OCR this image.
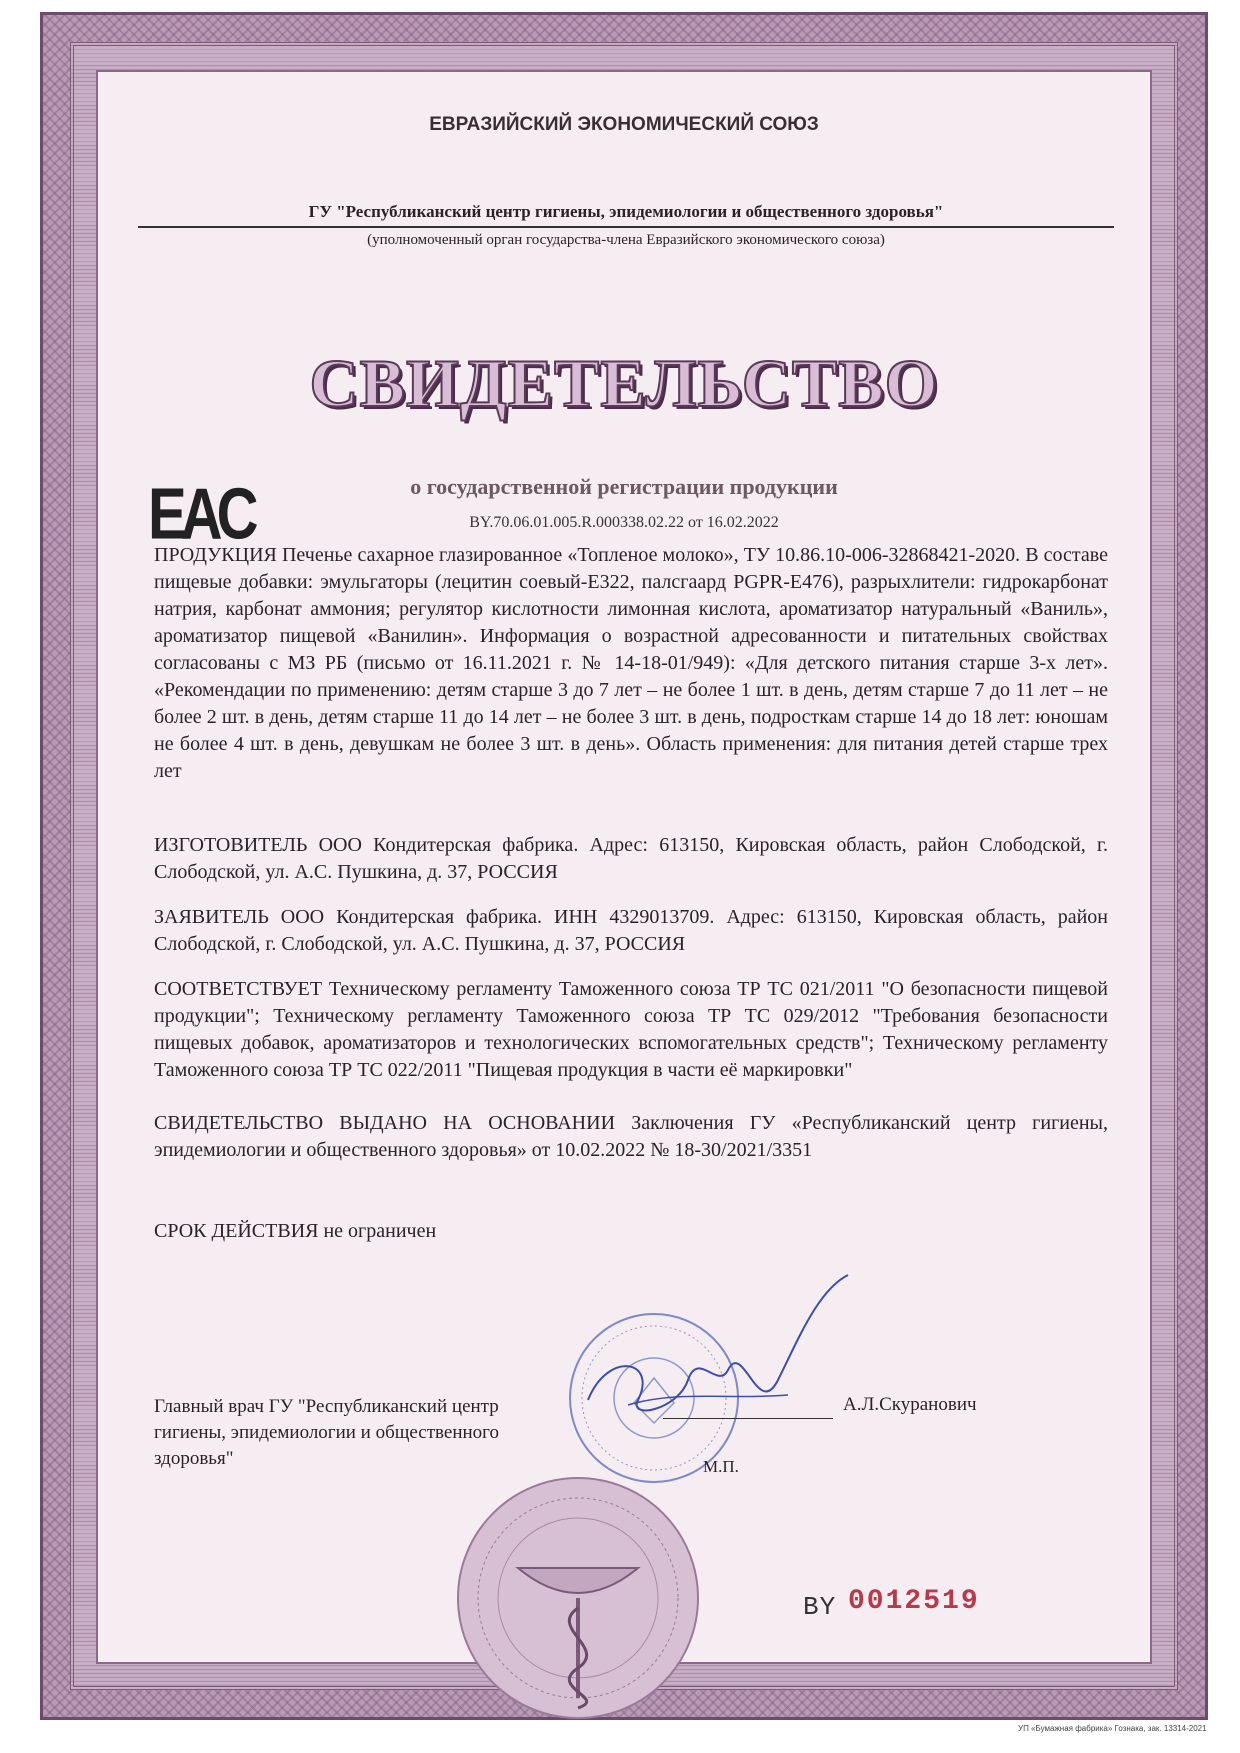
ЕВРАЗИЙСКИЙ ЭКОНОМИЧЕСКИЙ СОЮЗ
ГУ "Республиканский центр гигиены, эпидемиологии и общественного здоровья"
(уполномоченный орган государства-члена Евразийского экономического союза)
СВИДЕТЕЛЬСТВО
EAC	о государственной регистрации продукции
BY.70.06.01.005.R.000338.02.22 от 16.02.2022
ПРОДУКЦИЯ Печенье сахарное глазированное «Топленое молоко», ТУ 10.86.10-006-32868421-2020. В составе пищевые добавки: эмульгаторы (лецитин соевый-Е322, палсгаард PGPR-E476), разрыхлители: гидрокарбонат натрия, карбонат аммония; регулятор кислотности лимонная кислота, ароматизатор натуральный «Ваниль», ароматизатор пищевой «Ванилин». Информация о возрастной адресованности и питательных свойствах согласованы с МЗ РБ (письмо от 16.11.2021 г. № 14-18-01/949): «Для детского питания старше 3-х лет». «Рекомендации по применению: детям старше 3 до 7 лет – не более 1 шт. в день, детям старше 7 до 11 лет – не более 2 шт. в день, детям старше 11 до 14 лет – не более 3 шт. в день, подросткам старше 14 до 18 лет: юношам не более 4 шт. в день, девушкам не более 3 шт. в день». Область применения: для питания детей старше трех лет
ИЗГОТОВИТЕЛЬ ООО Кондитерская фабрика. Адрес: 613150, Кировская область, район Слободской, г. Слободской, ул. А.С. Пушкина, д. 37, РОССИЯ
ЗАЯВИТЕЛЬ ООО Кондитерская фабрика. ИНН 4329013709. Адрес: 613150, Кировская область, район Слободской, г. Слободской, ул. А.С. Пушкина, д. 37, РОССИЯ
СООТВЕТСТВУЕТ Техническому регламенту Таможенного союза ТР ТС 021/2011 "О безопасности пищевой продукции"; Техническому регламенту Таможенного союза ТР ТС 029/2012 "Требования безопасности пищевых добавок, ароматизаторов и технологических вспомогательных средств"; Техническому регламенту Таможенного союза ТР ТС 022/2011 "Пищевая продукция в части её маркировки"
СВИДЕТЕЛЬСТВО ВЫДАНО НА ОСНОВАНИИ Заключения ГУ «Республиканский центр гигиены, эпидемиологии и общественного здоровья» от 10.02.2022 № 18-30/2021/3351
СРОК ДЕЙСТВИЯ не ограничен
Главный врач ГУ "Республиканский центр гигиены, эпидемиологии и общественного здоровья"
А.Л.Скуранович
М.П.
BY 0012519
УП «Бумажная фабрика» Гознака, зак. 13314-2021
